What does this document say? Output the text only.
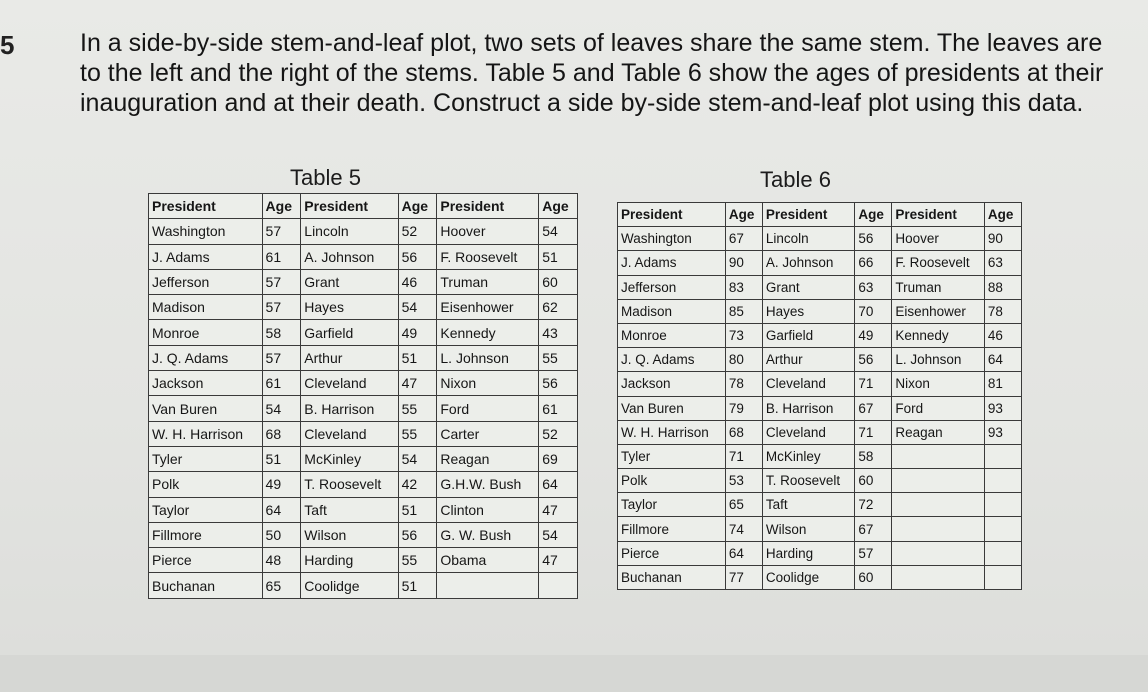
5	In a side-by-side stem-and-leaf plot, two sets of leaves share the same stem. The leaves are to the left and the right of the stems. Table 5 and Table 6 show the ages of presidents at their inauguration and at their death. Construct a side by-side stem-and-leaf plot using this data.

Table 5
President	Age	President	Age	President	Age
Washington	57	Lincoln	52	Hoover	54
J. Adams	61	A. Johnson	56	F. Roosevelt	51
Jefferson	57	Grant	46	Truman	60
Madison	57	Hayes	54	Eisenhower	62
Monroe	58	Garfield	49	Kennedy	43
J. Q. Adams	57	Arthur	51	L. Johnson	55
Jackson	61	Cleveland	47	Nixon	56
Van Buren	54	B. Harrison	55	Ford	61
W. H. Harrison	68	Cleveland	55	Carter	52
Tyler	51	McKinley	54	Reagan	69
Polk	49	T. Roosevelt	42	G.H.W. Bush	64
Taylor	64	Taft	51	Clinton	47
Fillmore	50	Wilson	56	G. W. Bush	54
Pierce	48	Harding	55	Obama	47
Buchanan	65	Coolidge	51		
Table 6
President	Age	President	Age	President	Age
Washington	67	Lincoln	56	Hoover	90
J. Adams	90	A. Johnson	66	F. Roosevelt	63
Jefferson	83	Grant	63	Truman	88
Madison	85	Hayes	70	Eisenhower	78
Monroe	73	Garfield	49	Kennedy	46
J. Q. Adams	80	Arthur	56	L. Johnson	64
Jackson	78	Cleveland	71	Nixon	81
Van Buren	79	B. Harrison	67	Ford	93
W. H. Harrison	68	Cleveland	71	Reagan	93
Tyler	71	McKinley	58		
Polk	53	T. Roosevelt	60		
Taylor	65	Taft	72		
Fillmore	74	Wilson	67		
Pierce	64	Harding	57		
Buchanan	77	Coolidge	60		
